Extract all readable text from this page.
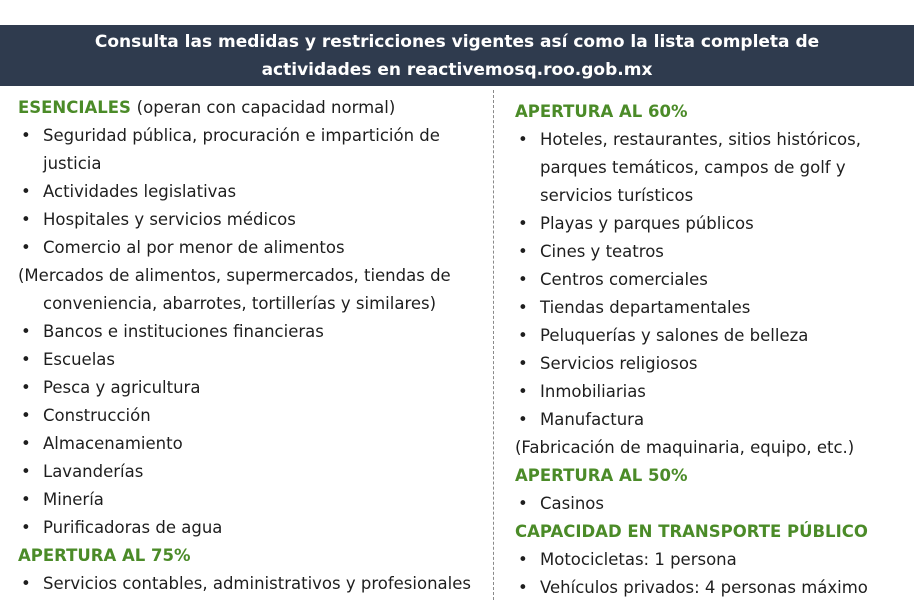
Consulta las medidas y restricciones vigentes así como la lista completa de
actividades en reactivemosq.roo.gob.mx
ESENCIALES (operan con capacidad normal)
• Seguridad pública, procuración e impartición de
justicia
• Actividades legislativas
• Hospitales y servicios médicos
• Comercio al por menor de alimentos
(Mercados de alimentos, supermercados, tiendas de
conveniencia, abarrotes, tortillerías y similares)
• Bancos e instituciones financieras
• Escuelas
• Pesca y agricultura
• Construcción
• Almacenamiento
• Lavanderías
• Minería
• Purificadoras de agua
APERTURA AL 75%
• Servicios contables, administrativos y profesionales
APERTURA AL 60%
• Hoteles, restaurantes, sitios históricos,
parques temáticos, campos de golf y
servicios turísticos
• Playas y parques públicos
• Cines y teatros
• Centros comerciales
• Tiendas departamentales
• Peluquerías y salones de belleza
• Servicios religiosos
• Inmobiliarias
• Manufactura
(Fabricación de maquinaria, equipo, etc.)
APERTURA AL 50%
• Casinos
CAPACIDAD EN TRANSPORTE PÚBLICO
• Motocicletas: 1 persona
• Vehículos privados: 4 personas máximo
